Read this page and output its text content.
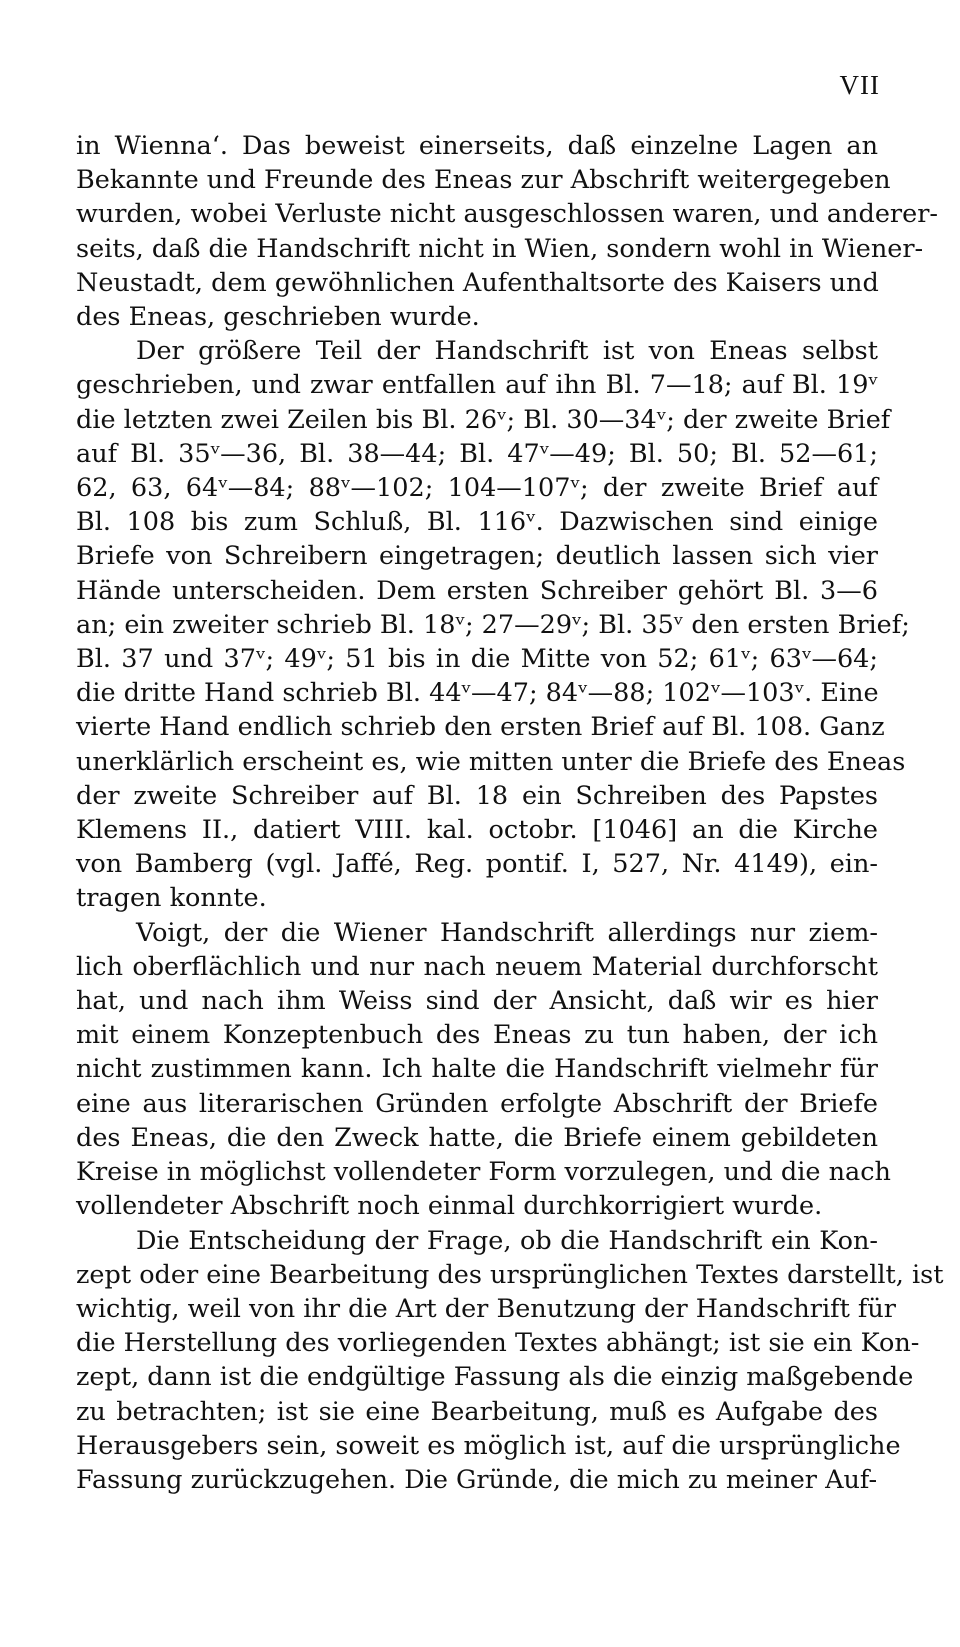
VII
in Wienna‘. Das beweist einerseits, daß einzelne Lagen an
Bekannte und Freunde des Eneas zur Abschrift weitergegeben
wurden, wobei Verluste nicht ausgeschlossen waren, und anderer-
seits, daß die Handschrift nicht in Wien, sondern wohl in Wiener-
Neustadt, dem gewöhnlichen Aufenthaltsorte des Kaisers und
des Eneas, geschrieben wurde.
Der größere Teil der Handschrift ist von Eneas selbst
geschrieben, und zwar entfallen auf ihn Bl. 7—18; auf Bl. 19ᵛ
die letzten zwei Zeilen bis Bl. 26ᵛ; Bl. 30—34ᵛ; der zweite Brief
auf Bl. 35ᵛ—36, Bl. 38—44; Bl. 47ᵛ—49; Bl. 50; Bl. 52—61;
62, 63, 64ᵛ—84; 88ᵛ—102; 104—107ᵛ; der zweite Brief auf
Bl. 108 bis zum Schluß, Bl. 116ᵛ. Dazwischen sind einige
Briefe von Schreibern eingetragen; deutlich lassen sich vier
Hände unterscheiden. Dem ersten Schreiber gehört Bl. 3—6
an; ein zweiter schrieb Bl. 18ᵛ; 27—29ᵛ; Bl. 35ᵛ den ersten Brief;
Bl. 37 und 37ᵛ; 49ᵛ; 51 bis in die Mitte von 52; 61ᵛ; 63ᵛ—64;
die dritte Hand schrieb Bl. 44ᵛ—47; 84ᵛ—88; 102ᵛ—103ᵛ. Eine
vierte Hand endlich schrieb den ersten Brief auf Bl. 108. Ganz
unerklärlich erscheint es, wie mitten unter die Briefe des Eneas
der zweite Schreiber auf Bl. 18 ein Schreiben des Papstes
Klemens II., datiert VIII. kal. octobr. [1046] an die Kirche
von Bamberg (vgl. Jaffé, Reg. pontif. I, 527, Nr. 4149), ein-
tragen konnte.
Voigt, der die Wiener Handschrift allerdings nur ziem-
lich oberflächlich und nur nach neuem Material durchforscht
hat, und nach ihm Weiss sind der Ansicht, daß wir es hier
mit einem Konzeptenbuch des Eneas zu tun haben, der ich
nicht zustimmen kann. Ich halte die Handschrift vielmehr für
eine aus literarischen Gründen erfolgte Abschrift der Briefe
des Eneas, die den Zweck hatte, die Briefe einem gebildeten
Kreise in möglichst vollendeter Form vorzulegen, und die nach
vollendeter Abschrift noch einmal durchkorrigiert wurde.
Die Entscheidung der Frage, ob die Handschrift ein Kon-
zept oder eine Bearbeitung des ursprünglichen Textes darstellt, ist
wichtig, weil von ihr die Art der Benutzung der Handschrift für
die Herstellung des vorliegenden Textes abhängt; ist sie ein Kon-
zept, dann ist die endgültige Fassung als die einzig maßgebende
zu betrachten; ist sie eine Bearbeitung, muß es Aufgabe des
Herausgebers sein, soweit es möglich ist, auf die ursprüngliche
Fassung zurückzugehen. Die Gründe, die mich zu meiner Auf-
